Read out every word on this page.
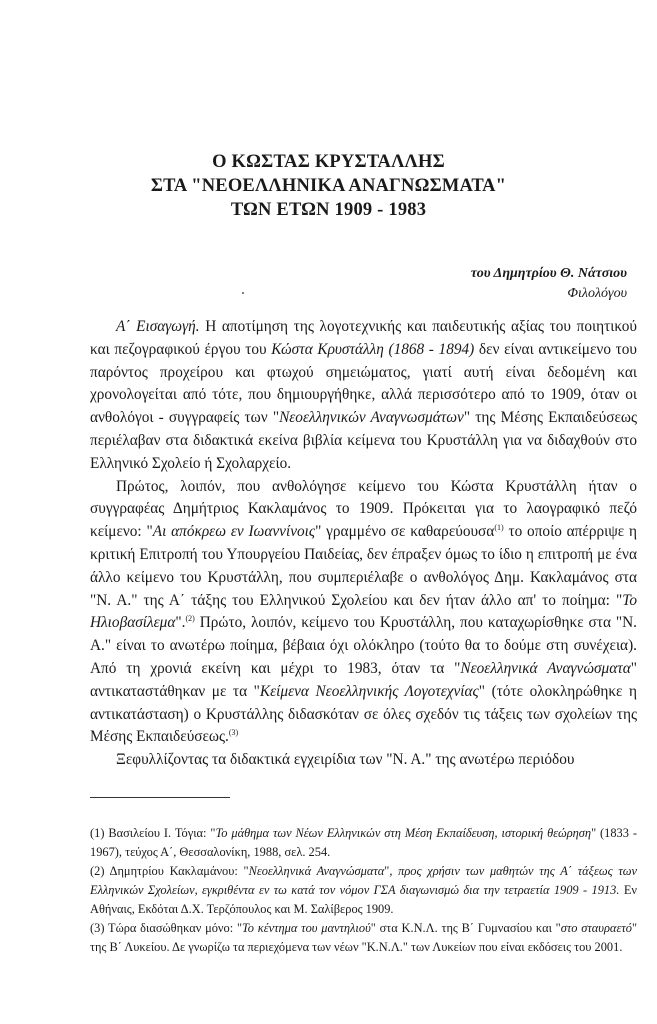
Ο ΚΩΣΤΑΣ ΚΡΥΣΤΑΛΛΗΣ
ΣΤΑ "ΝΕΟΕΛΛΗΝΙΚΑ ΑΝΑΓΝΩΣΜΑΤΑ"
ΤΩΝ ΕΤΩΝ 1909 - 1983
του Δημητρίου Θ. Νάτσιου
Φιλολόγου

Α΄ Εισαγωγή. Η αποτίμηση της λογοτεχνικής και παιδευτικής αξίας του ποιητικού και πεζογραφικού έργου του Κώστα Κρυστάλλη (1868 - 1894) δεν είναι αντικείμενο του παρόντος προχείρου και φτωχού σημειώματος, γιατί αυτή είναι δεδομένη και χρονολογείται από τότε, που δημιουργήθηκε, αλλά περισσότερο από το 1909, όταν οι ανθολόγοι - συγγραφείς των "Νεοελληνικών Αναγνωσμάτων" της Μέσης Εκπαιδεύσεως περιέλαβαν στα διδακτικά εκείνα βιβλία κείμενα του Κρυστάλλη για να διδαχθούν στο Ελληνικό Σχολείο ή Σχολαρχείο.

Πρώτος, λοιπόν, που ανθολόγησε κείμενο του Κώστα Κρυστάλλη ήταν ο συγγραφέας Δημήτριος Κακλαμάνος το 1909. Πρόκειται για το λαογραφικό πεζό κείμενο: "Αι απόκρεω εν Ιωαννίνοις" γραμμένο σε καθαρεύουσα$^{(1)}$ το οποίο απέρριψε η κριτική Επιτροπή του Υπουργείου Παιδείας, δεν έπραξεν όμως το ίδιο η επιτροπή με ένα άλλο κείμενο του Κρυστάλλη, που συμπεριέλαβε ο ανθολόγος Δημ. Κακλαμάνος στα "Ν. Α." της Α΄ τάξης του Ελληνικού Σχολείου και δεν ήταν άλλο απ' το ποίημα: "Το Ηλιοβασίλεμα".$^{(2)}$ Πρώτο, λοιπόν, κείμενο του Κρυστάλλη, που καταχωρίσθηκε στα "Ν. Α." είναι το ανωτέρω ποίημα, βέβαια όχι ολόκληρο (τούτο θα το δούμε στη συνέχεια). Από τη χρονιά εκείνη και μέχρι το 1983, όταν τα "Νεοελληνικά Αναγνώσματα" αντικαταστάθηκαν με τα "Κείμενα Νεοελληνικής Λογοτεχνίας" (τότε ολοκληρώθηκε η αντικατάσταση) ο Κρυστάλλης διδασκόταν σε όλες σχεδόν τις τάξεις των σχολείων της Μέσης Εκπαιδεύσεως.$^{(3)}$

Ξεφυλλίζοντας τα διδακτικά εγχειρίδια των "Ν. Α." της ανωτέρω περιόδου

(1) Βασιλείου Ι. Τόγια: "Το μάθημα των Νέων Ελληνικών στη Μέση Εκπαίδευση, ιστορική θεώρηση" (1833 - 1967), τεύχος Α΄, Θεσσαλονίκη, 1988, σελ. 254.

(2) Δημητρίου Κακλαμάνου: "Νεοελληνικά Αναγνώσματα", προς χρήσιν των μαθητών της Α΄ τάξεως των Ελληνικών Σχολείων, εγκριθέντα εν τω κατά τον νόμον ΓΣΑ διαγωνισμώ δια την τετραετία 1909 - 1913. Εν Αθήναις, Εκδόται Δ.Χ. Τερζόπουλος και Μ. Σαλίβερος 1909.

(3) Τώρα διασώθηκαν μόνο: "Το κέντημα του μαντηλιού" στα Κ.Ν.Λ. της Β΄ Γυμνασίου και "στο σταυραετό" της Β΄ Λυκείου. Δε γνωρίζω τα περιεχόμενα των νέων "Κ.Ν.Λ." των Λυκείων που είναι εκδόσεις του 2001.
